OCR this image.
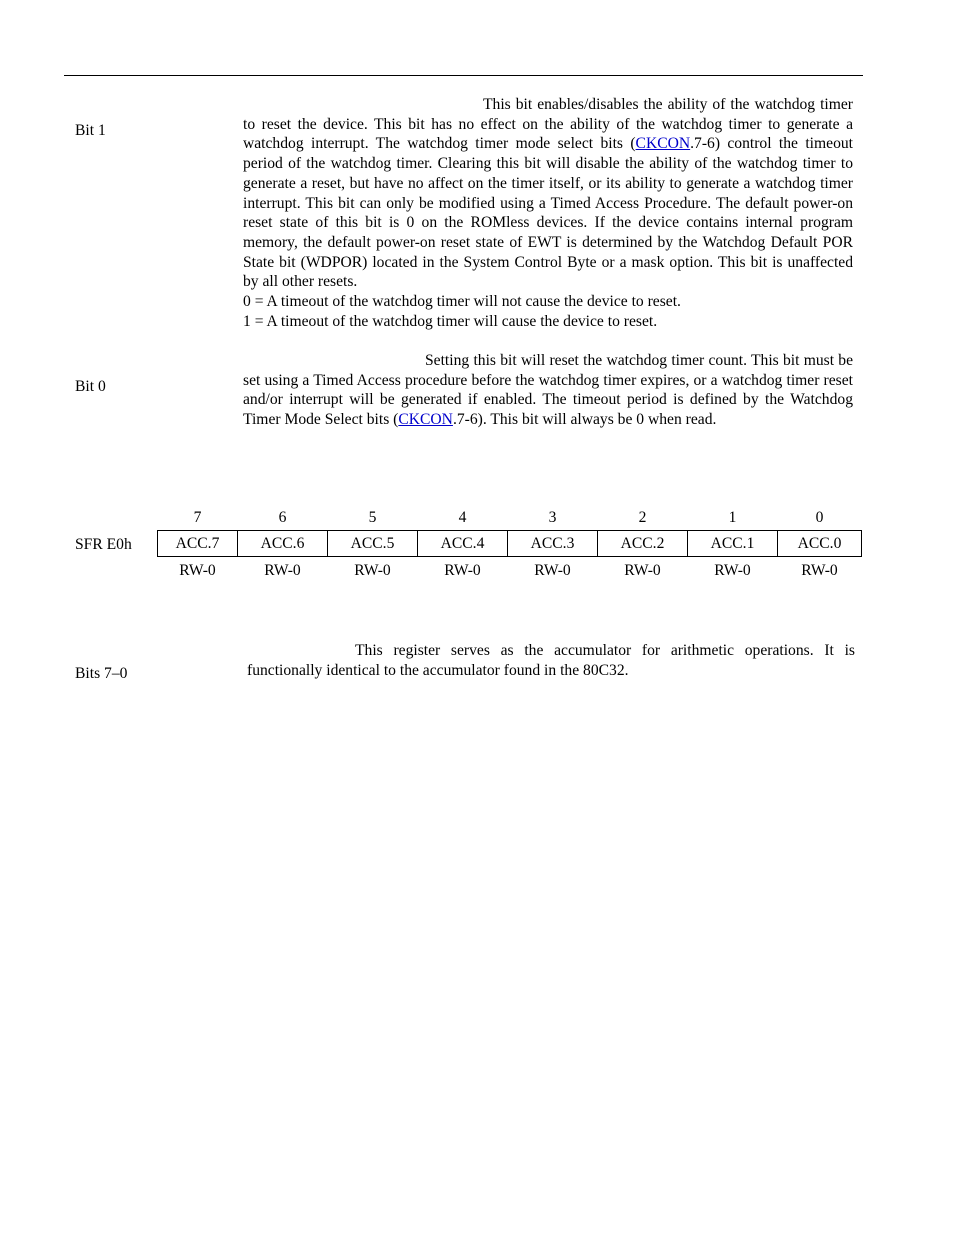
Bit 1
This bit enables/disables the ability of the watchdog timer to reset the device. This bit has no effect on the ability of the watchdog timer to generate a watchdog interrupt. The watchdog timer mode select bits (CKCON.7-6) control the timeout period of the watchdog timer. Clearing this bit will disable the ability of the watchdog timer to generate a reset, but have no affect on the timer itself, or its ability to generate a watchdog timer interrupt. This bit can only be modified using a Timed Access Procedure. The default power-on reset state of this bit is 0 on the ROMless devices. If the device contains internal program memory, the default power-on reset state of EWT is determined by the Watchdog Default POR State bit (WDPOR) located in the System Control Byte or a mask option. This bit is unaffected by all other resets.
0 = A timeout of the watchdog timer will not cause the device to reset.
1 = A timeout of the watchdog timer will cause the device to reset.
Bit 0
Setting this bit will reset the watchdog timer count. This bit must be set using a Timed Access procedure before the watchdog timer expires, or a watchdog timer reset and/or interrupt will be generated if enabled. The timeout period is defined by the Watchdog Timer Mode Select bits (CKCON.7-6). This bit will always be 0 when read.
SFR E0h
7	6	5	4	3	2	1	0
ACC.7	ACC.6	ACC.5	ACC.4	ACC.3	ACC.2	ACC.1	ACC.0
RW-0	RW-0	RW-0	RW-0	RW-0	RW-0	RW-0	RW-0
Bits 7–0
This register serves as the accumulator for arithmetic operations. It is functionally identical to the accumulator found in the 80C32.
